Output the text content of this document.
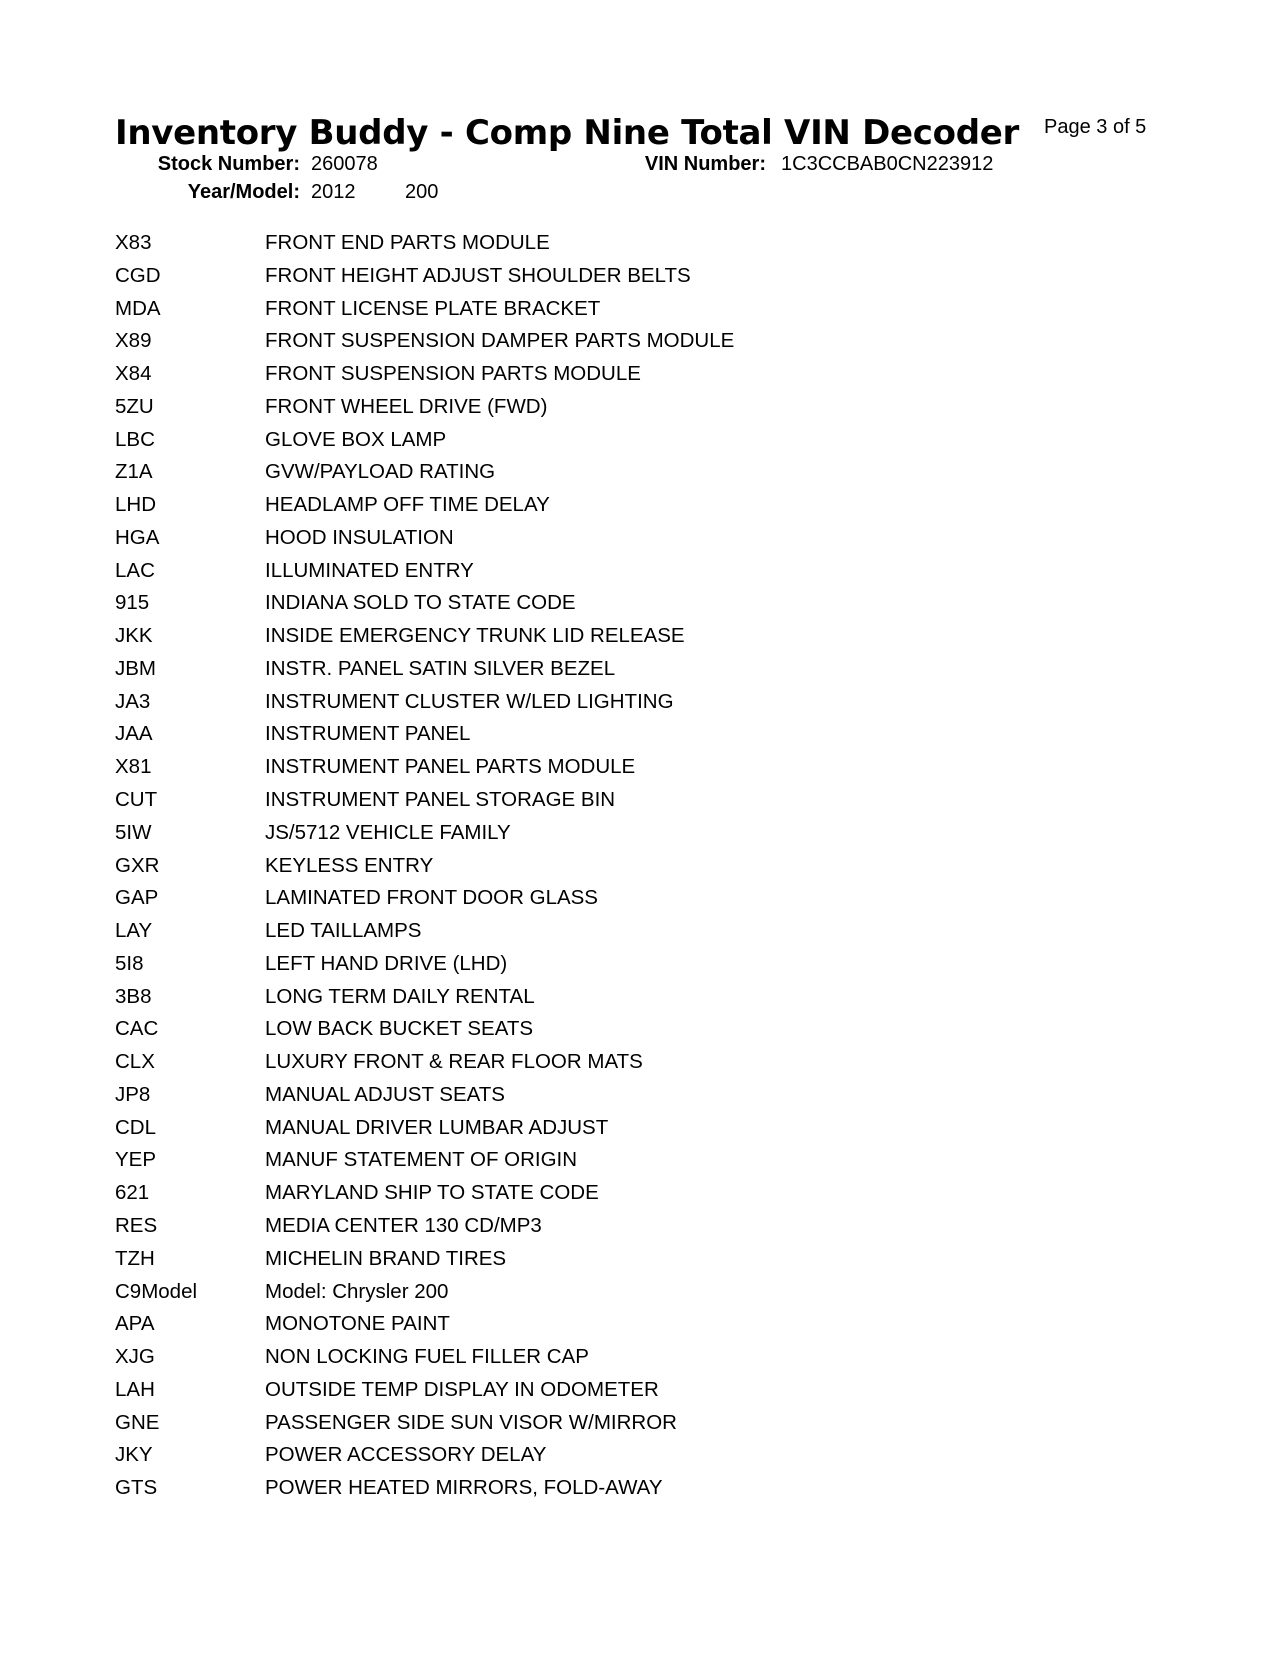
Inventory Buddy - Comp Nine Total VIN Decoder Page 3 of 5
Stock Number: 260078	VIN Number: 1C3CCBAB0CN223912
Year/Model: 2012 200
X83	FRONT END PARTS MODULE
CGD	FRONT HEIGHT ADJUST SHOULDER BELTS
MDA	FRONT LICENSE PLATE BRACKET
X89	FRONT SUSPENSION DAMPER PARTS MODULE
X84	FRONT SUSPENSION PARTS MODULE
5ZU	FRONT WHEEL DRIVE (FWD)
LBC	GLOVE BOX LAMP
Z1A	GVW/PAYLOAD RATING
LHD	HEADLAMP OFF TIME DELAY
HGA	HOOD INSULATION
LAC	ILLUMINATED ENTRY
915	INDIANA SOLD TO STATE CODE
JKK	INSIDE EMERGENCY TRUNK LID RELEASE
JBM	INSTR. PANEL SATIN SILVER BEZEL
JA3	INSTRUMENT CLUSTER W/LED LIGHTING
JAA	INSTRUMENT PANEL
X81	INSTRUMENT PANEL PARTS MODULE
CUT	INSTRUMENT PANEL STORAGE BIN
5IW	JS/5712 VEHICLE FAMILY
GXR	KEYLESS ENTRY
GAP	LAMINATED FRONT DOOR GLASS
LAY	LED TAILLAMPS
5I8	LEFT HAND DRIVE (LHD)
3B8	LONG TERM DAILY RENTAL
CAC	LOW BACK BUCKET SEATS
CLX	LUXURY FRONT & REAR FLOOR MATS
JP8	MANUAL ADJUST SEATS
CDL	MANUAL DRIVER LUMBAR ADJUST
YEP	MANUF STATEMENT OF ORIGIN
621	MARYLAND SHIP TO STATE CODE
RES	MEDIA CENTER 130 CD/MP3
TZH	MICHELIN BRAND TIRES
C9Model	Model: Chrysler 200
APA	MONOTONE PAINT
XJG	NON LOCKING FUEL FILLER CAP
LAH	OUTSIDE TEMP DISPLAY IN ODOMETER
GNE	PASSENGER SIDE SUN VISOR W/MIRROR
JKY	POWER ACCESSORY DELAY
GTS	POWER HEATED MIRRORS, FOLD-AWAY
